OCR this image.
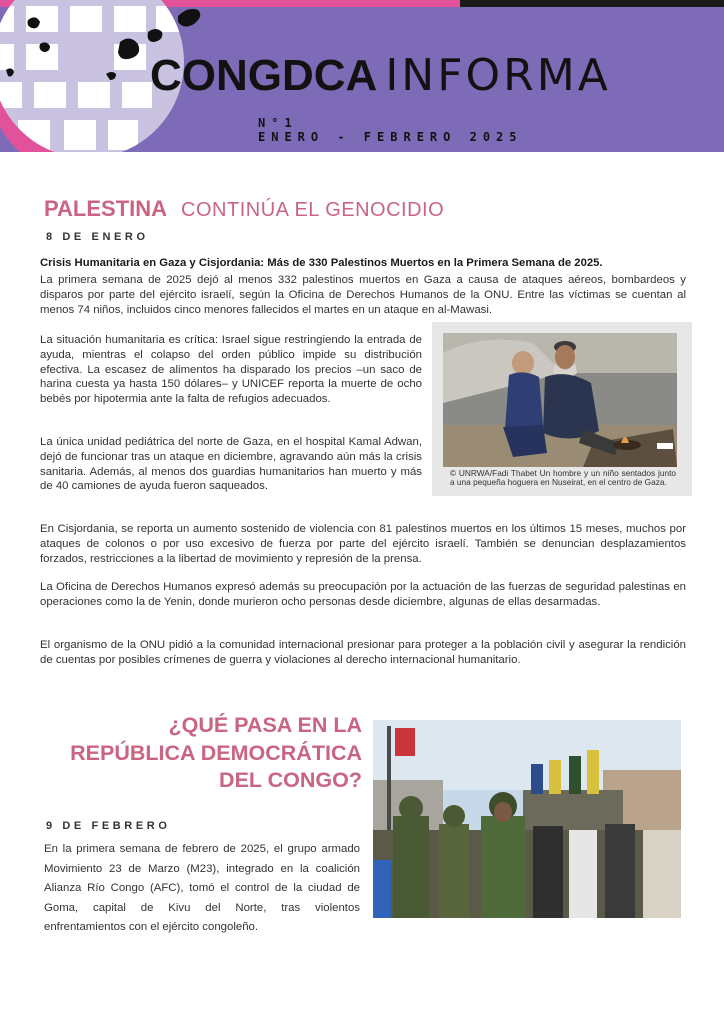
CONGDCA INFORMA
N°1
ENERO - FEBRERO 2025
PALESTINA CONTINÚA EL GENOCIDIO
8 DE ENERO
Crisis Humanitaria en Gaza y Cisjordania: Más de 330 Palestinos Muertos en la Primera Semana de 2025.

La primera semana de 2025 dejó al menos 332 palestinos muertos en Gaza a causa de ataques aéreos, bombardeos y disparos por parte del ejército israelí, según la Oficina de Derechos Humanos de la ONU. Entre las víctimas se cuentan al menos 74 niños, incluidos cinco menores fallecidos el martes en un ataque en al-Mawasi.

La situación humanitaria es crítica: Israel sigue restringiendo la entrada de ayuda, mientras el colapso del orden público impide su distribución efectiva. La escasez de alimentos ha disparado los precios –un saco de harina cuesta ya hasta 150 dólares– y UNICEF reporta la muerte de ocho bebés por hipotermia ante la falta de refugios adecuados.

La única unidad pediátrica del norte de Gaza, en el hospital Kamal Adwan, dejó de funcionar tras un ataque en diciembre, agravando aún más la crisis sanitaria. Además, al menos dos guardias humanitarios han muerto y más de 40 camiones de ayuda fueron saqueados.

© UNRWA/Fadi Thabet Un hombre y un niño sentados junto a una pequeña hoguera en Nuseirat, en el centro de Gaza.

En Cisjordania, se reporta un aumento sostenido de violencia con 81 palestinos muertos en los últimos 15 meses, muchos por ataques de colonos o por uso excesivo de fuerza por parte del ejército israelí. También se denuncian desplazamientos forzados, restricciones a la libertad de movimiento y represión de la prensa.

La Oficina de Derechos Humanos expresó además su preocupación por la actuación de las fuerzas de seguridad palestinas en operaciones como la de Yenin, donde murieron ocho personas desde diciembre, algunas de ellas desarmadas.

El organismo de la ONU pidió a la comunidad internacional presionar para proteger a la población civil y asegurar la rendición de cuentas por posibles crímenes de guerra y violaciones al derecho internacional humanitario.

¿QUÉ PASA EN LA REPÚBLICA DEMOCRÁTICA DEL CONGO?
9 DE FEBRERO

En la primera semana de febrero de 2025, el grupo armado Movimiento 23 de Marzo (M23), integrado en la coalición Alianza Río Congo (AFC), tomó el control de la ciudad de Goma, capital de Kivu del Norte, tras violentos enfrentamientos con el ejército congoleño.
